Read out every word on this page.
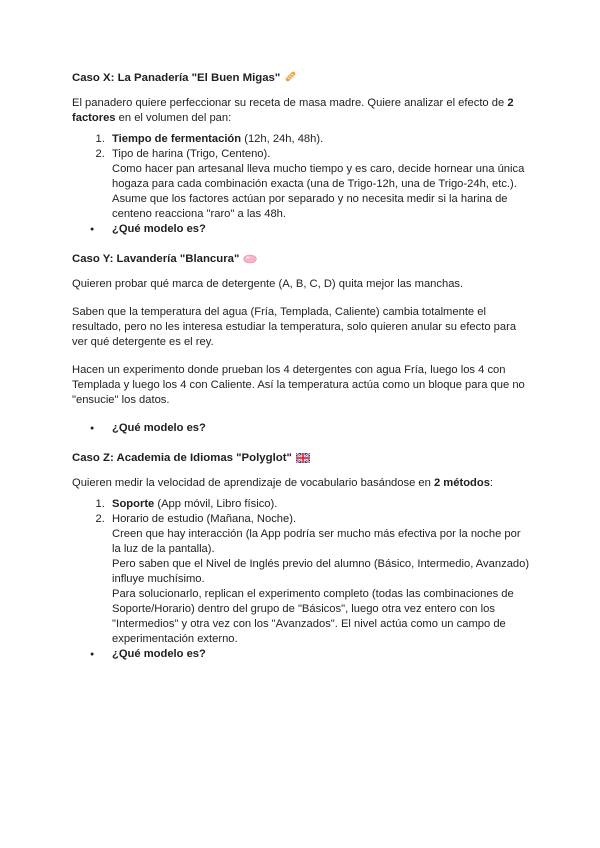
Caso X: La Panadería "El Buen Migas"

El panadero quiere perfeccionar su receta de masa madre. Quiere analizar el efecto de 2 factores en el volumen del pan:

1. Tiempo de fermentación (12h, 24h, 48h).
2. Tipo de harina (Trigo, Centeno).
Como hacer pan artesanal lleva mucho tiempo y es caro, decide hornear una única hogaza para cada combinación exacta (una de Trigo-12h, una de Trigo-24h, etc.).
Asume que los factores actúan por separado y no necesita medir si la harina de centeno reacciona "raro" a las 48h.
● ¿Qué modelo es?
Caso Y: Lavandería "Blancura"

Quieren probar qué marca de detergente (A, B, C, D) quita mejor las manchas.

Saben que la temperatura del agua (Fría, Templada, Caliente) cambia totalmente el resultado, pero no les interesa estudiar la temperatura, solo quieren anular su efecto para ver qué detergente es el rey.

Hacen un experimento donde prueban los 4 detergentes con agua Fría, luego los 4 con Templada y luego los 4 con Caliente. Así la temperatura actúa como un bloque para que no "ensucie" los datos.

● ¿Qué modelo es?
Caso Z: Academia de Idiomas "Polyglot"

Quieren medir la velocidad de aprendizaje de vocabulario basándose en 2 métodos:

1. Soporte (App móvil, Libro físico).
2. Horario de estudio (Mañana, Noche).
Creen que hay interacción (la App podría ser mucho más efectiva por la noche por la luz de la pantalla).
Pero saben que el Nivel de Inglés previo del alumno (Básico, Intermedio, Avanzado) influye muchísimo.
Para solucionarlo, replican el experimento completo (todas las combinaciones de Soporte/Horario) dentro del grupo de "Básicos", luego otra vez entero con los "Intermedios" y otra vez con los "Avanzados". El nivel actúa como un campo de experimentación externo.
● ¿Qué modelo es?
